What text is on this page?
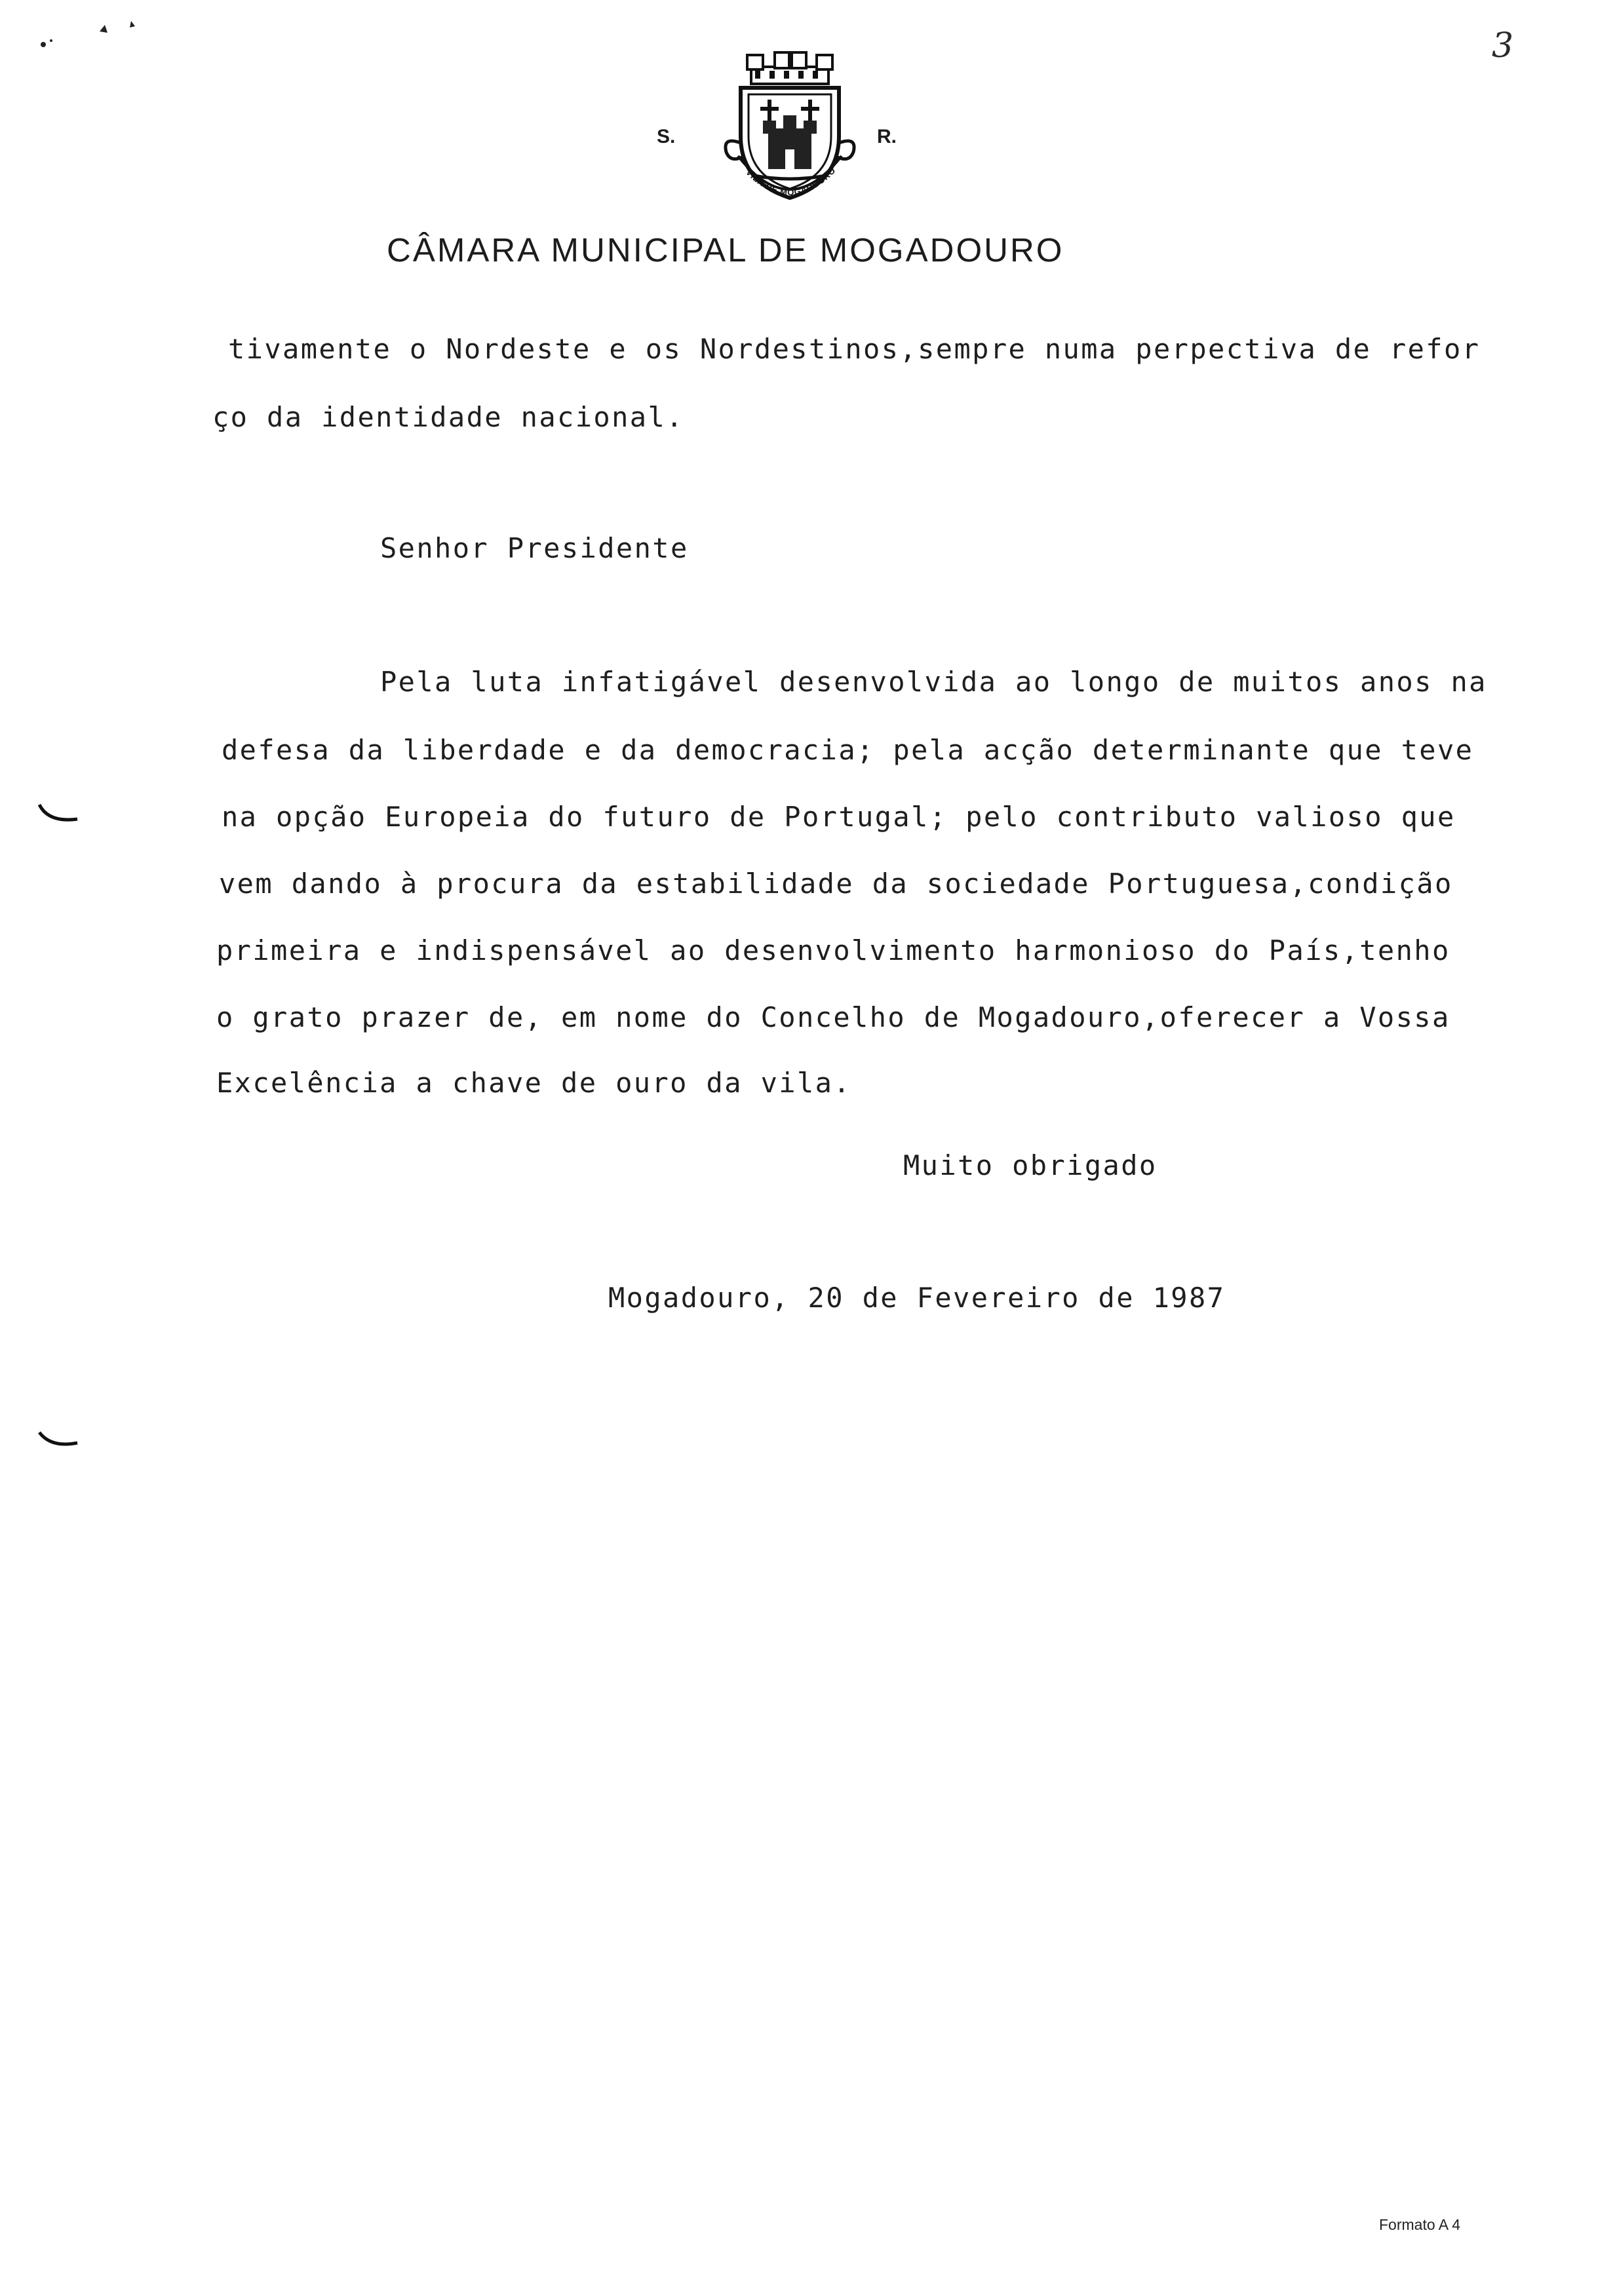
3
S.	R.
VILA DE MOGADOURO
CÂMARA MUNICIPAL DE MOGADOURO
tivamente o Nordeste e os Nordestinos,sempre numa perpectiva de refor
ço da identidade nacional.
Senhor Presidente
Pela luta infatigável desenvolvida ao longo de muitos anos na
defesa da liberdade e da democracia; pela acção determinante que teve
na opção Europeia do futuro de Portugal; pelo contributo valioso que
vem dando à procura da estabilidade da sociedade Portuguesa,condição
primeira e indispensável ao desenvolvimento harmonioso do País,tenho
o grato prazer de, em nome do Concelho de Mogadouro,oferecer a Vossa
Excelência a chave de ouro da vila.
Muito obrigado
Mogadouro, 20 de Fevereiro de 1987
Formato A 4
